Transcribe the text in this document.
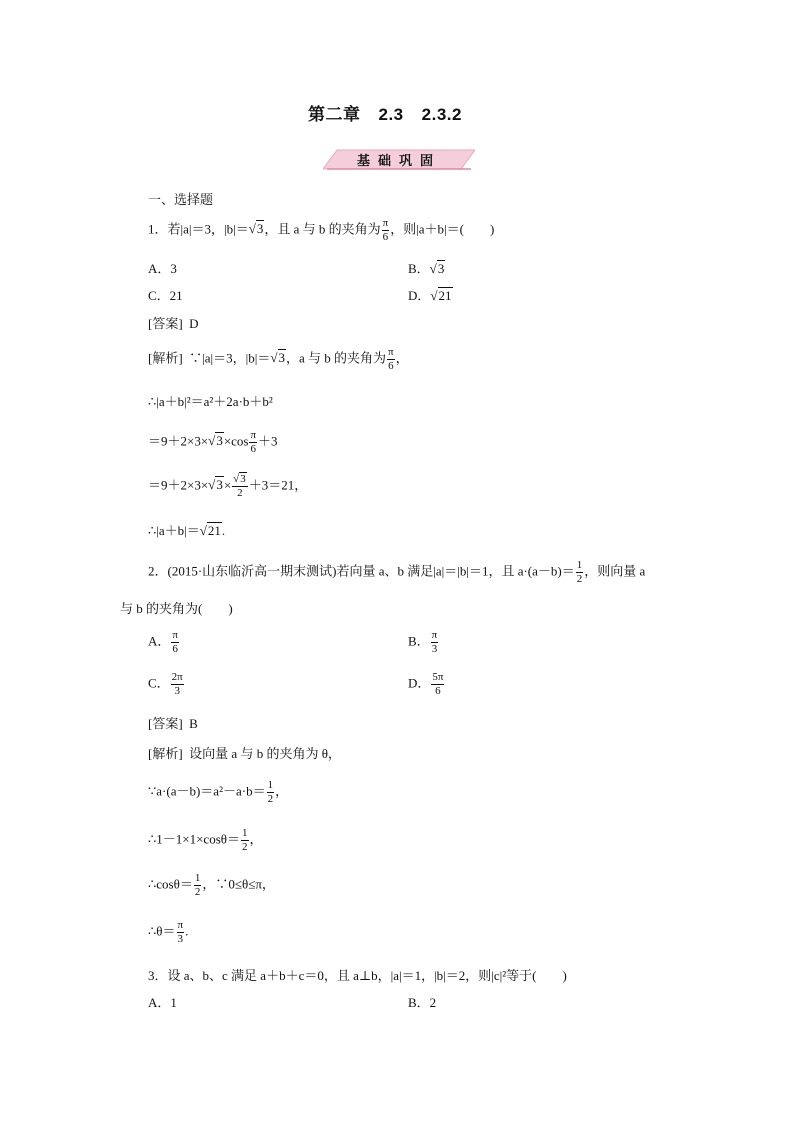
第二章 2.3 2.3.2
基础巩固
一、选择题
1．若|a|＝3，|b|＝√3，且 a 与 b 的夹角为 $\frac{\pi}{6}$ ，则|a＋b|＝(　　)
A．3	B．√3
C．21	D．√21
[答案] D
[解析] ∵|a|＝3，|b|＝√3，a 与 b 的夹角为 $\frac{\pi}{6}$ ，
∴|a＋b|²＝a²＋2a·b＋b²
$=9+2\times 3\times√3\times\cos \frac{\pi}{6} +3$
$=9+2\times 3\times√3\times \frac{√3}{2} +3=21$，
∴|a＋b|＝√21.
2．(2015·山东临沂高一期末测试)若向量 a、b 满足|a|＝|b|＝1，且 $a\cdot(a-b)= \frac{1}{2}$ ，则向量 a
与 b 的夹角为(　　)
A． $\frac{\pi}{6}$	B． $\frac{\pi}{3}$
C． $\frac{2\pi}{3}$	D． $\frac{5\pi}{6}$
[答案] B
[解析] 设向量 a 与 b 的夹角为 θ，
∵a·(a－b)＝a²－a·b＝ $\frac{1}{2}$ ，
∴1－1×1×cosθ＝ $\frac{1}{2}$ ，
∴cosθ＝ $\frac{1}{2}$ ，∵0≤θ≤π，
∴θ＝ $\frac{\pi}{3}$ .
3．设 a、b、c 满足 a＋b＋c＝0，且 a⊥b，|a|＝1，|b|＝2，则|c|²等于(　　)
A．1	B．2
